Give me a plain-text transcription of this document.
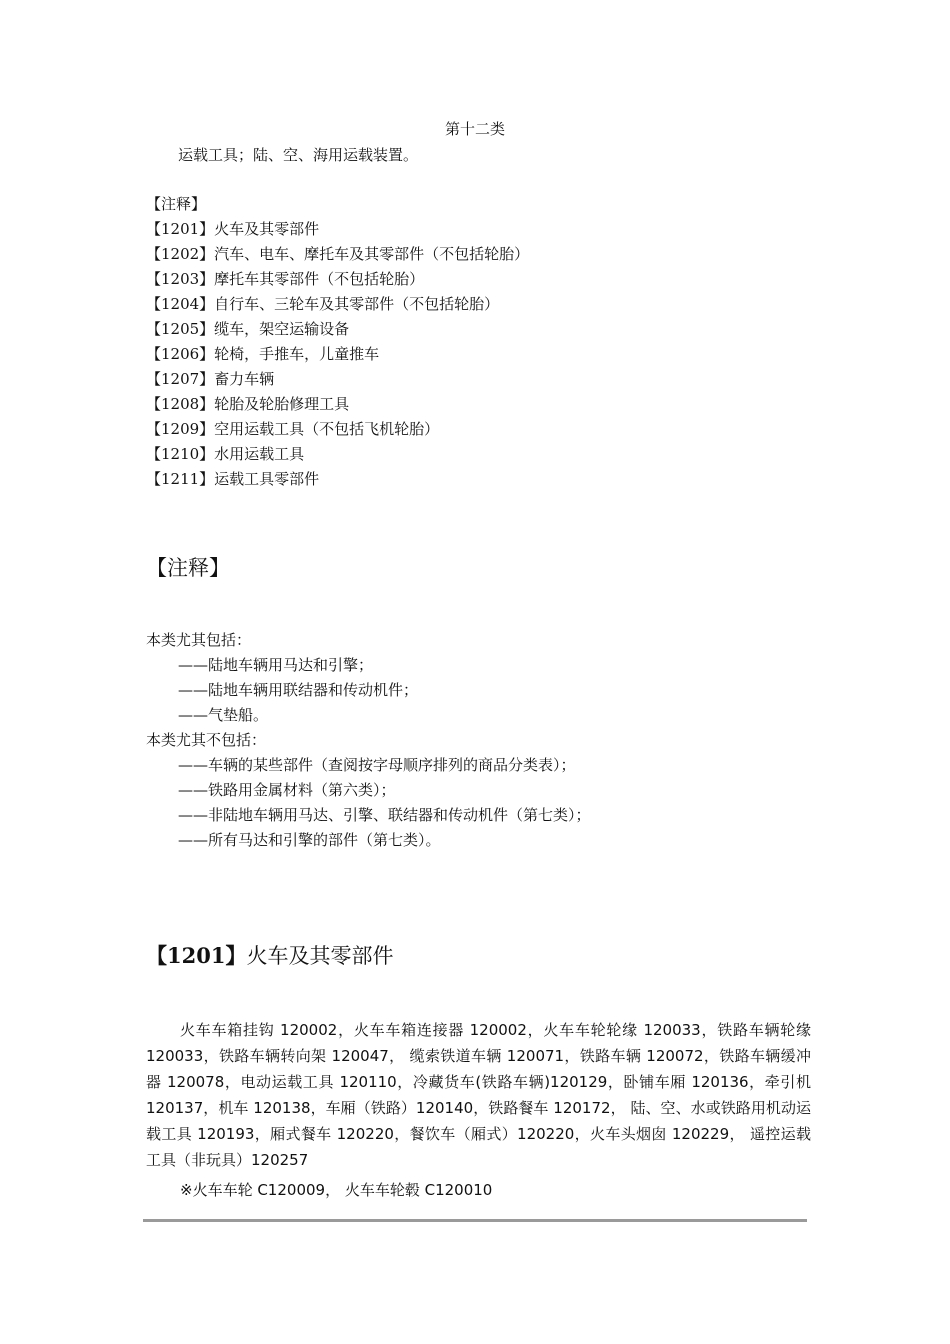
第十二类
运载工具；陆、空、海用运载装置。
【注释】
【1201】火车及其零部件
【1202】汽车、电车、摩托车及其零部件（不包括轮胎）
【1203】摩托车其零部件（不包括轮胎）
【1204】自行车、三轮车及其零部件（不包括轮胎）
【1205】缆车，架空运输设备
【1206】轮椅，手推车，儿童推车
【1207】畜力车辆
【1208】轮胎及轮胎修理工具
【1209】空用运载工具（不包括飞机轮胎）
【1210】水用运载工具
【1211】运载工具零部件
【注释】
本类尤其包括：
——陆地车辆用马达和引擎；
——陆地车辆用联结器和传动机件；
——气垫船。
本类尤其不包括：
——车辆的某些部件（查阅按字母顺序排列的商品分类表）；
——铁路用金属材料（第六类）；
——非陆地车辆用马达、引擎、联结器和传动机件（第七类）；
——所有马达和引擎的部件（第七类）。
【1201】火车及其零部件
火车车箱挂钩 120002，火车车箱连接器 120002，火车车轮轮缘 120033，铁路车辆轮缘 120033，铁路车辆转向架 120047， 缆索铁道车辆 120071，铁路车辆 120072，铁路车辆缓冲器 120078，电动运载工具 120110，冷藏货车(铁路车辆)120129，卧铺车厢 120136，牵引机 120137，机车 120138，车厢（铁路）120140，铁路餐车 120172， 陆、空、水或铁路用机动运载工具 120193，厢式餐车 120220，餐饮车（厢式）120220，火车头烟囱 120229， 遥控运载工具（非玩具）120257
※火车车轮 C120009， 火车车轮毂 C120010
